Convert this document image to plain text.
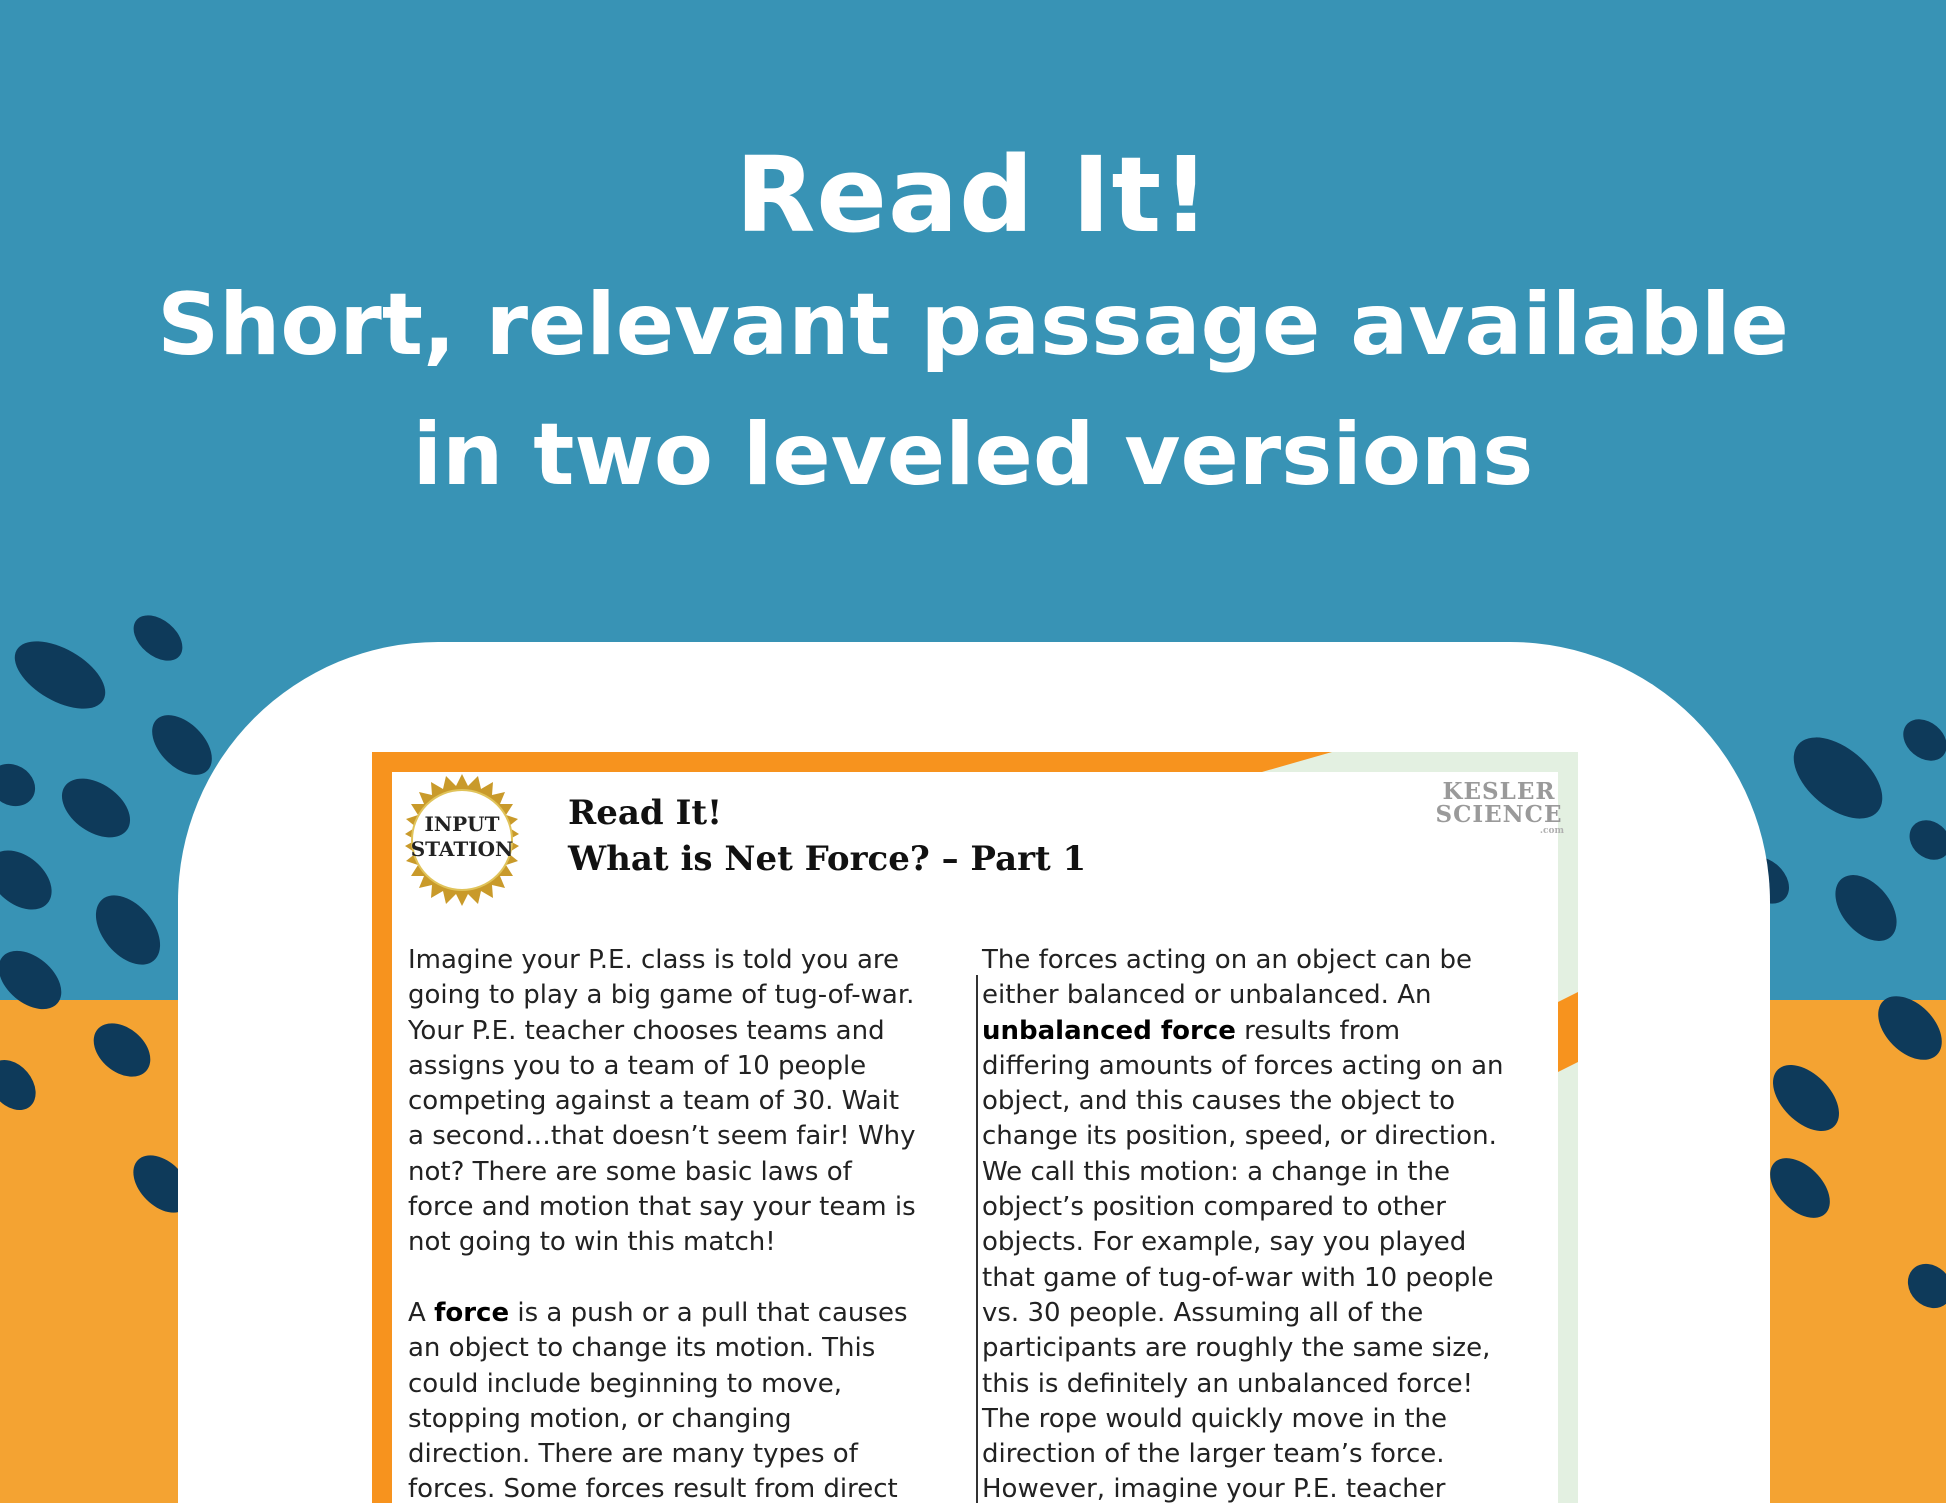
INPUT
STATION
Read It!
What is Net Force? – Part 1
KESLER
SCIENCE
.com
Read It!
Short, relevant passage available
in two leveled versions

Imagine your P.E. class is told you are

going to play a big game of tug-of-war.

Your P.E. teacher chooses teams and

assigns you to a team of 10 people

competing against a team of 30. Wait

a second…that doesn’t seem fair! Why

not? There are some basic laws of

force and motion that say your team is

not going to win this match!

A force is a push or a pull that causes

an object to change its motion. This

could include beginning to move,

stopping motion, or changing

direction. There are many types of

forces. Some forces result from direct

The forces acting on an object can be

either balanced or unbalanced. An

unbalanced force results from

differing amounts of forces acting on an

object, and this causes the object to

change its position, speed, or direction.

We call this motion: a change in the

object’s position compared to other

objects. For example, say you played

that game of tug-of-war with 10 people

vs. 30 people. Assuming all of the

participants are roughly the same size,

this is definitely an unbalanced force!

The rope would quickly move in the

direction of the larger team’s force.

However, imagine your P.E. teacher
